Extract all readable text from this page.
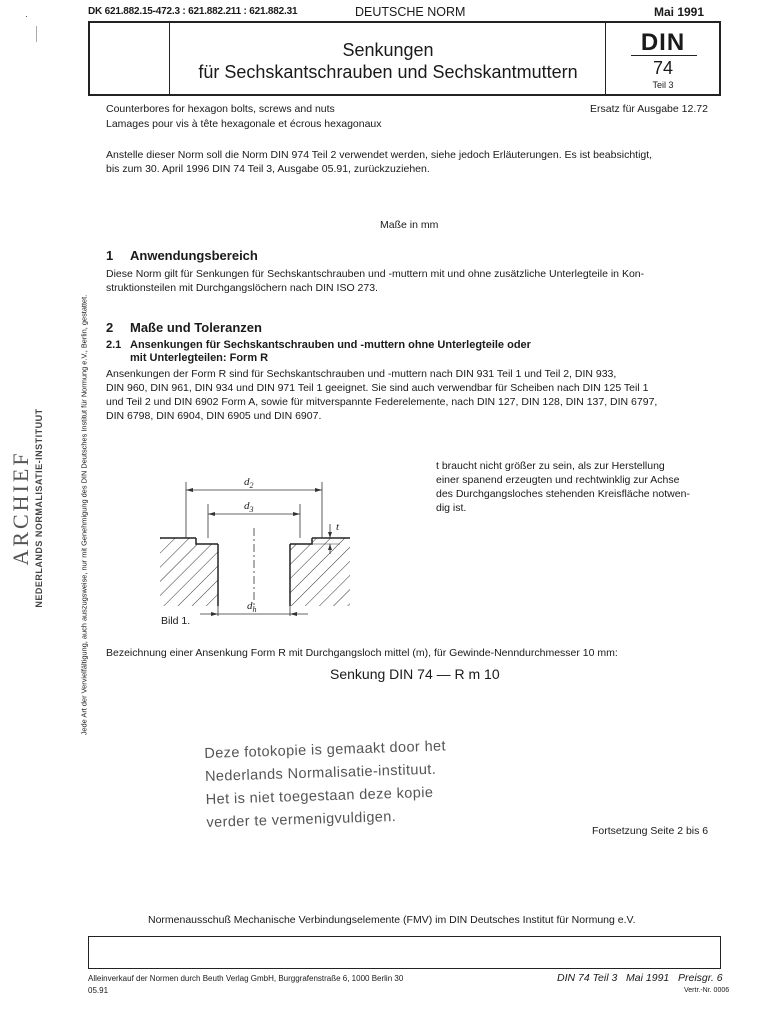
DK 621.882.15-472.3 : 621.882.211 : 621.882.31	DEUTSCHE NORM	Mai 1991
Senkungen
für Sechskantschrauben und Sechskantmuttern
DIN
74
Teil 3
Jede Art der Vervielfältigung, auch auszugsweise, nur mit Genehmigung des DIN Deutsches Institut für Normung e.V., Berlin, gestattet.
ARCHIEF NEDERLANDS NORMALISATIE-INSTITUUT
Counterbores for hexagon bolts, screws and nuts
Lamages pour vis à tête hexagonale et écrous hexagonaux
Ersatz für Ausgabe 12.72
Anstelle dieser Norm soll die Norm DIN 974 Teil 2 verwendet werden, siehe jedoch Erläuterungen. Es ist beabsichtigt,
bis zum 30. April 1996 DIN 74 Teil 3, Ausgabe 05.91, zurückzuziehen.
Maße in mm
1 Anwendungsbereich
Diese Norm gilt für Senkungen für Sechskantschrauben und -muttern mit und ohne zusätzliche Unterlegteile in Kon-
struktionsteilen mit Durchgangslöchern nach DIN ISO 273.
2 Maße und Toleranzen
2.1 Ansenkungen für Sechskantschrauben und -muttern ohne Unterlegteile oder
mit Unterlegteilen: Form R
Ansenkungen der Form R sind für Sechskantschrauben und -muttern nach DIN 931 Teil 1 und Teil 2, DIN 933,
DIN 960, DIN 961, DIN 934 und DIN 971 Teil 1 geeignet. Sie sind auch verwendbar für Scheiben nach DIN 125 Teil 1
und Teil 2 und DIN 6902 Form A, sowie für mitverspannte Federelemente, nach DIN 127, DIN 128, DIN 137, DIN 6797,
DIN 6798, DIN 6904, DIN 6905 und DIN 6907.
t braucht nicht größer zu sein, als zur Herstellung
einer spanend erzeugten und rechtwinklig zur Achse
des Durchgangsloches stehenden Kreisfläche notwen-
dig ist.
$d_2$
$d_3$
$d_h$
t
Bild 1.
Bezeichnung einer Ansenkung Form R mit Durchgangsloch mittel (m), für Gewinde-Nenndurchmesser 10 mm:
Senkung DIN 74 — R m 10
Deze fotokopie is gemaakt door het
Nederlands Normalisatie-instituut.
Het is niet toegestaan deze kopie
verder te vermenigvuldigen.
Fortsetzung Seite 2 bis 6
Normenausschuß Mechanische Verbindungselemente (FMV) im DIN Deutsches Institut für Normung e.V.
Alleinverkauf der Normen durch Beuth Verlag GmbH, Burggrafenstraße 6, 1000 Berlin 30
05.91
DIN 74 Teil 3   Mai 1991   Preisgr. 6
Vertr.-Nr. 0006
